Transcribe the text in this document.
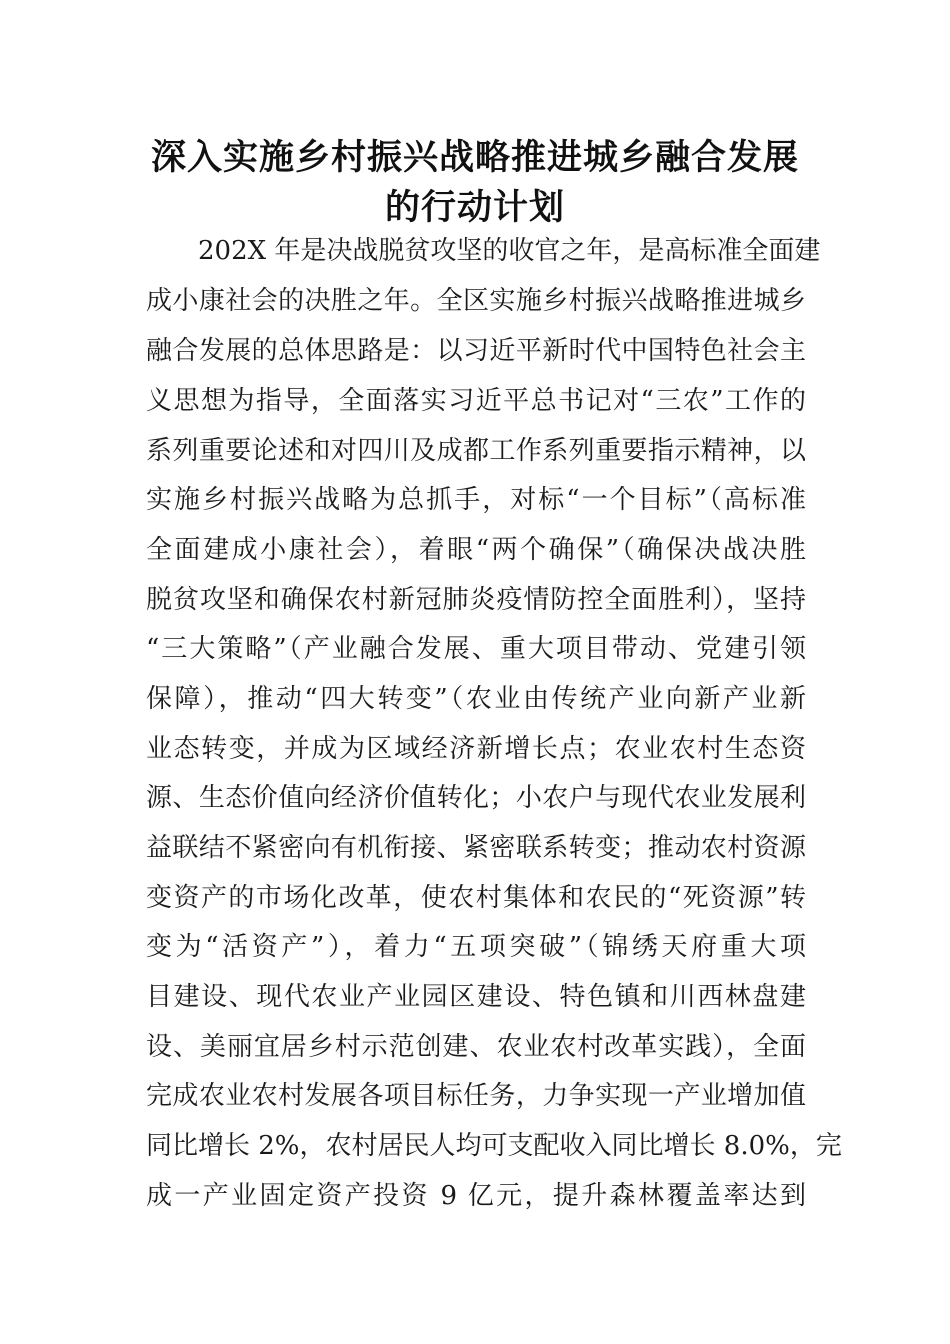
深入实施乡村振兴战略推进城乡融合发展
的行动计划
202X 年是决战脱贫攻坚的收官之年，是高标准全面建
成小康社会的决胜之年。全区实施乡村振兴战略推进城乡
融合发展的总体思路是：以习近平新时代中国特色社会主
义思想为指导，全面落实习近平总书记对“三农”工作的
系列重要论述和对四川及成都工作系列重要指示精神，以
实施乡村振兴战略为总抓手，对标“一个目标”（高标准
全面建成小康社会），着眼“两个确保”（确保决战决胜
脱贫攻坚和确保农村新冠肺炎疫情防控全面胜利），坚持
“三大策略”（产业融合发展、重大项目带动、党建引领
保障），推动“四大转变”（农业由传统产业向新产业新
业态转变，并成为区域经济新增长点；农业农村生态资
源、生态价值向经济价值转化；小农户与现代农业发展利
益联结不紧密向有机衔接、紧密联系转变；推动农村资源
变资产的市场化改革，使农村集体和农民的“死资源”转
变为“活资产”），着力“五项突破”（锦绣天府重大项
目建设、现代农业产业园区建设、特色镇和川西林盘建
设、美丽宜居乡村示范创建、农业农村改革实践），全面
完成农业农村发展各项目标任务，力争实现一产业增加值
同比增长 2%，农村居民人均可支配收入同比增长 8.0%，完
成一产业固定资产投资 9 亿元，提升森林覆盖率达到
